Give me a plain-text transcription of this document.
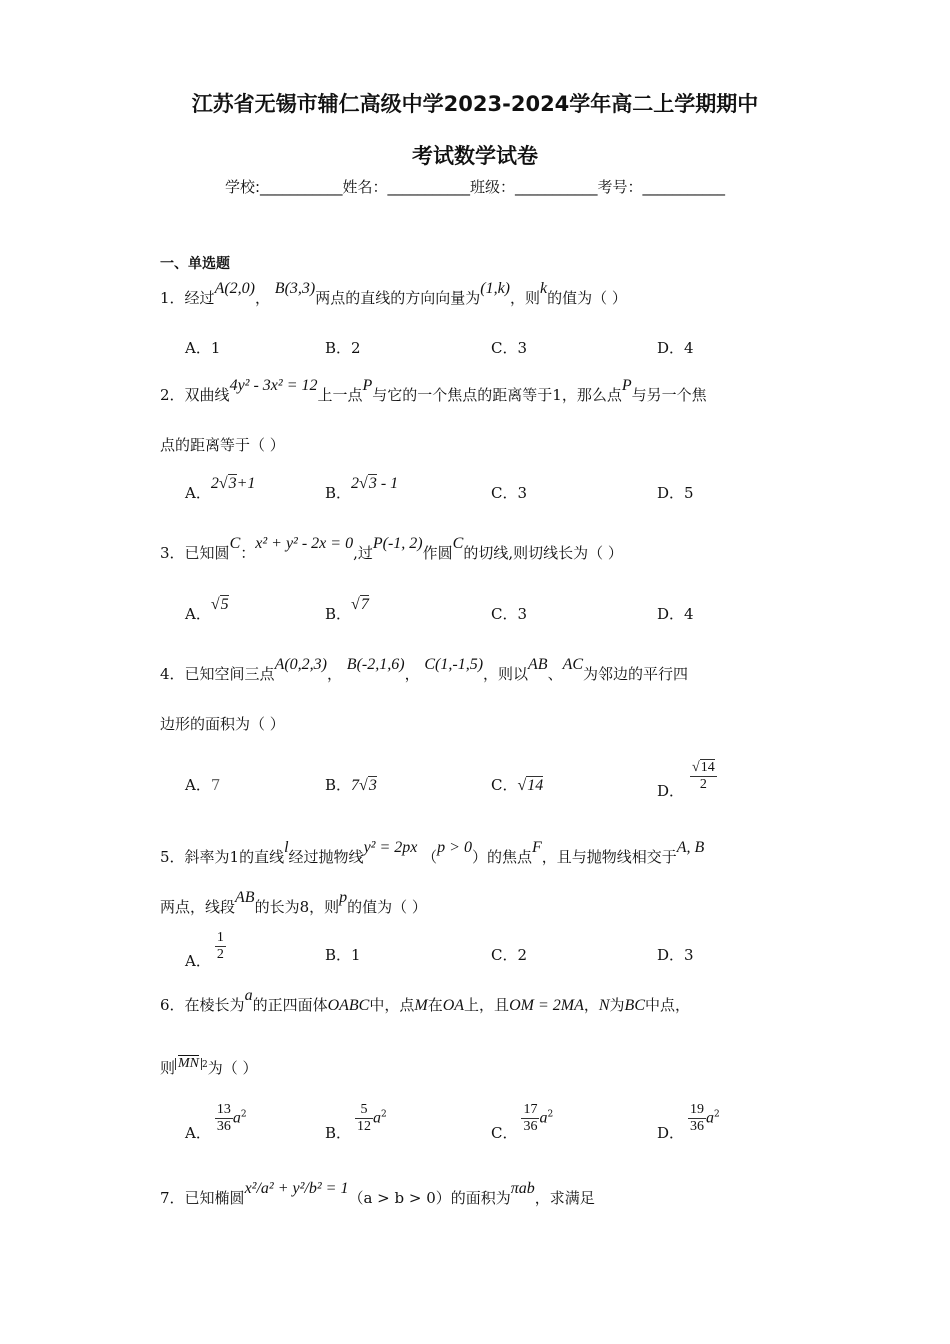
江苏省无锡市辅仁高级中学2023-2024学年高二上学期期中
考试数学试卷
学校:___________姓名：___________班级：___________考号：___________
一、单选题
1．经过A(2,0)， B(3,3)两点的直线的方向向量为(1,k)，则k的值为（ ）
A．1	B．2	C．3	D．4
2．双曲线4y² - 3x² = 12上一点P与它的一个焦点的距离等于1，那么点P与另一个焦
点的距离等于（ ）
A．2√3+1
B．2√3 - 1
C．3	D．5
3．已知圆C：x² + y² - 2x = 0,过P(-1, 2)作圆C的切线,则切线长为（ ）
A．√5
B．√7
C．3	D．4
4．已知空间三点A(0,2,3)， B(-2,1,6)， C(1,-1,5)，则以AB、AC为邻边的平行四
边形的面积为（ ）
A．7	B．7√3	C．√14	D． $\frac{√14}{2}$
5．斜率为1的直线l经过抛物线y² = 2px （p > 0）的焦点F，且与抛物线相交于A, B
两点，线段AB的长为8，则p的值为（ ）
A． $\frac{1}{2}$	B．1	C．2	D．3
6．在棱长为a的正四面体OABC中，点M在OA上，且OM = 2MA，N为BC中点，
则 $\overline{MN}$ $^2$为（ ）
A． $\frac{13}{36} a^2$
B． $\frac{5}{12} a^2$
C． $\frac{17}{36} a^2$
D． $\frac{19}{36} a^2$
7．已知椭圆x²/a² + y²/b² = 1（a > b > 0）的面积为πab，求满足
